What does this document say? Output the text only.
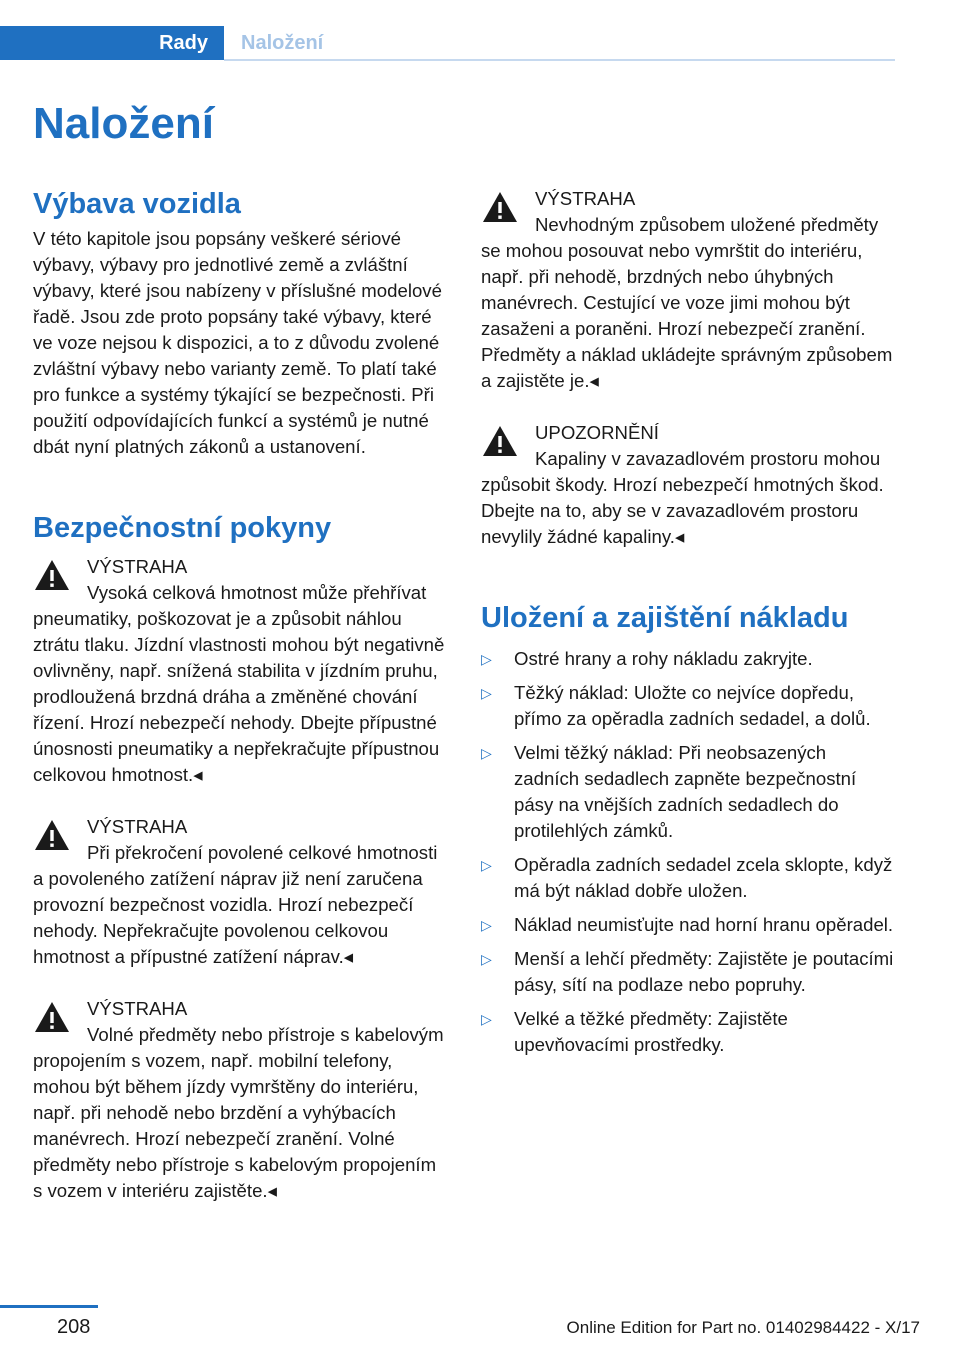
Rady Naložení
Naložení
Výbava vozidla

V této kapitole jsou popsány veškeré sériové výbavy, výbavy pro jednotlivé země a zvláštní výbavy, které jsou nabízeny v příslušné modelové řadě. Jsou zde proto popsány také výbavy, které ve voze nejsou k dispozici, a to z důvodu zvolené zvláštní výbavy nebo varianty země. To platí také pro funkce a systémy týkající se bezpečnosti. Při použití odpovídajících funkcí a systémů je nutné dbát nyní platných zákonů a ustanovení.

Bezpečnostní pokyny

VÝSTRAHA

Vysoká celková hmotnost může přehřívat pneumatiky, poškozovat je a způsobit náhlou ztrátu tlaku. Jízdní vlastnosti mohou být negativně ovlivněny, např. snížená stabilita v jízdním pruhu, prodloužená brzdná dráha a změněné chování řízení. Hrozí nebezpečí nehody. Dbejte přípustné únosnosti pneumatiky a nepřekračujte přípustnou celkovou hmotnost.◂

VÝSTRAHA

Při překročení povolené celkové hmotnosti a povoleného zatížení náprav již není zaručena provozní bezpečnost vozidla. Hrozí nebezpečí nehody. Nepřekračujte povolenou celkovou hmotnost a přípustné zatížení náprav.◂

VÝSTRAHA

Volné předměty nebo přístroje s kabelovým propojením s vozem, např. mobilní telefony, mohou být během jízdy vymrštěny do interiéru, např. při nehodě nebo brzdění a vyhýbacích manévrech. Hrozí nebezpečí zranění. Volné předměty nebo přístroje s kabelovým propojením s vozem v interiéru zajistěte.◂

VÝSTRAHA

Nevhodným způsobem uložené předměty se mohou posouvat nebo vymrštit do interiéru, např. při nehodě, brzdných nebo úhybných manévrech. Cestující ve voze jimi mohou být zasaženi a poraněni. Hrozí nebezpečí zranění. Předměty a náklad ukládejte správným způsobem a zajistěte je.◂

UPOZORNĚNÍ

Kapaliny v zavazadlovém prostoru mohou způsobit škody. Hrozí nebezpečí hmotných škod. Dbejte na to, aby se v zavazadlovém prostoru nevylily žádné kapaliny.◂

Uložení a zajištění nákladu
▷ Ostré hrany a rohy nákladu zakryjte.
▷ Těžký náklad: Uložte co nejvíce dopředu, přímo za opěradla zadních sedadel, a dolů.
▷ Velmi těžký náklad: Při neobsazených zadních sedadlech zapněte bezpečnostní pásy na vnějších zadních sedadlech do protilehlých zámků.
▷ Opěradla zadních sedadel zcela sklopte, když má být náklad dobře uložen.
▷ Náklad neumisťujte nad horní hranu opěradel.
▷ Menší a lehčí předměty: Zajistěte je poutacími pásy, sítí na podlaze nebo popruhy.
▷ Velké a těžké předměty: Zajistěte upevňovacími prostředky.
208	Online Edition for Part no. 01402984422 - X/17
